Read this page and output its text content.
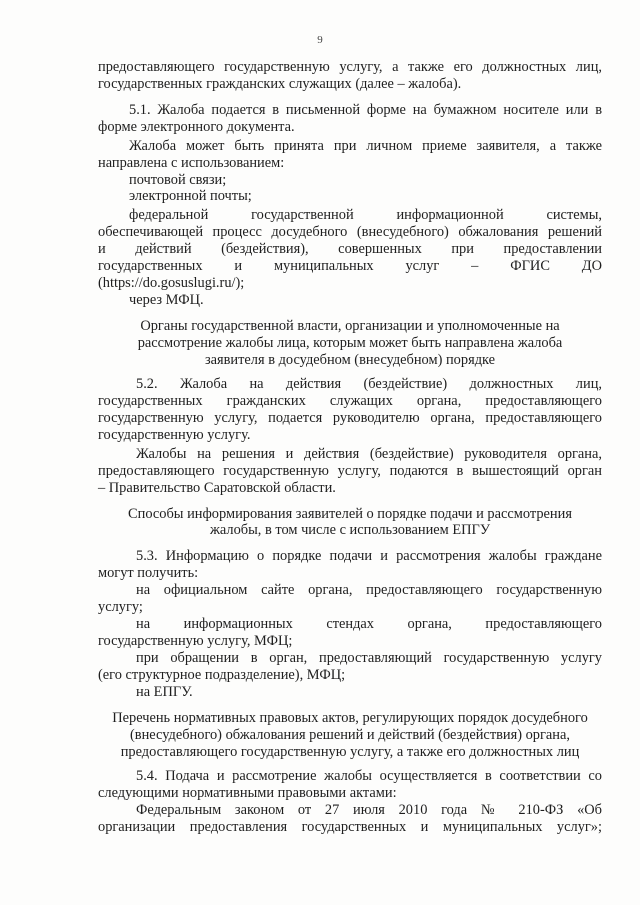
9
предоставляющего государственную услугу, а также его должностных лиц,
государственных гражданских служащих (далее – жалоба).
5.1. Жалоба подается в письменной форме на бумажном носителе или в
форме электронного документа.
Жалоба может быть принята при личном приеме заявителя, а также
направлена с использованием:
почтовой связи;
электронной почты;
федеральной государственной информационной системы,
обеспечивающей процесс досудебного (внесудебного) обжалования решений
и действий (бездействия), совершенных при предоставлении
государственных и муниципальных услуг – ФГИС ДО
(https://do.gosuslugi.ru/);
через МФЦ.
Органы государственной власти, организации и уполномоченные на
рассмотрение жалобы лица, которым может быть направлена жалоба
заявителя в досудебном (внесудебном) порядке
5.2. Жалоба на действия (бездействие) должностных лиц,
государственных гражданских служащих органа, предоставляющего
государственную услугу, подается руководителю органа, предоставляющего
государственную услугу.
Жалобы на решения и действия (бездействие) руководителя органа,
предоставляющего государственную услугу, подаются в вышестоящий орган
– Правительство Саратовской области.
Способы информирования заявителей о порядке подачи и рассмотрения
жалобы, в том числе с использованием ЕПГУ
5.3. Информацию о порядке подачи и рассмотрения жалобы граждане
могут получить:
на официальном сайте органа, предоставляющего государственную
услугу;
на информационных стендах органа, предоставляющего
государственную услугу, МФЦ;
при обращении в орган, предоставляющий государственную услугу
(его структурное подразделение), МФЦ;
на ЕПГУ.
Перечень нормативных правовых актов, регулирующих порядок досудебного
(внесудебного) обжалования решений и действий (бездействия) органа,
предоставляющего государственную услугу, а также его должностных лиц
5.4. Подача и рассмотрение жалобы осуществляется в соответствии со
следующими нормативными правовыми актами:
Федеральным законом от 27 июля 2010 года № 210-ФЗ «Об
организации предоставления государственных и муниципальных услуг»;
